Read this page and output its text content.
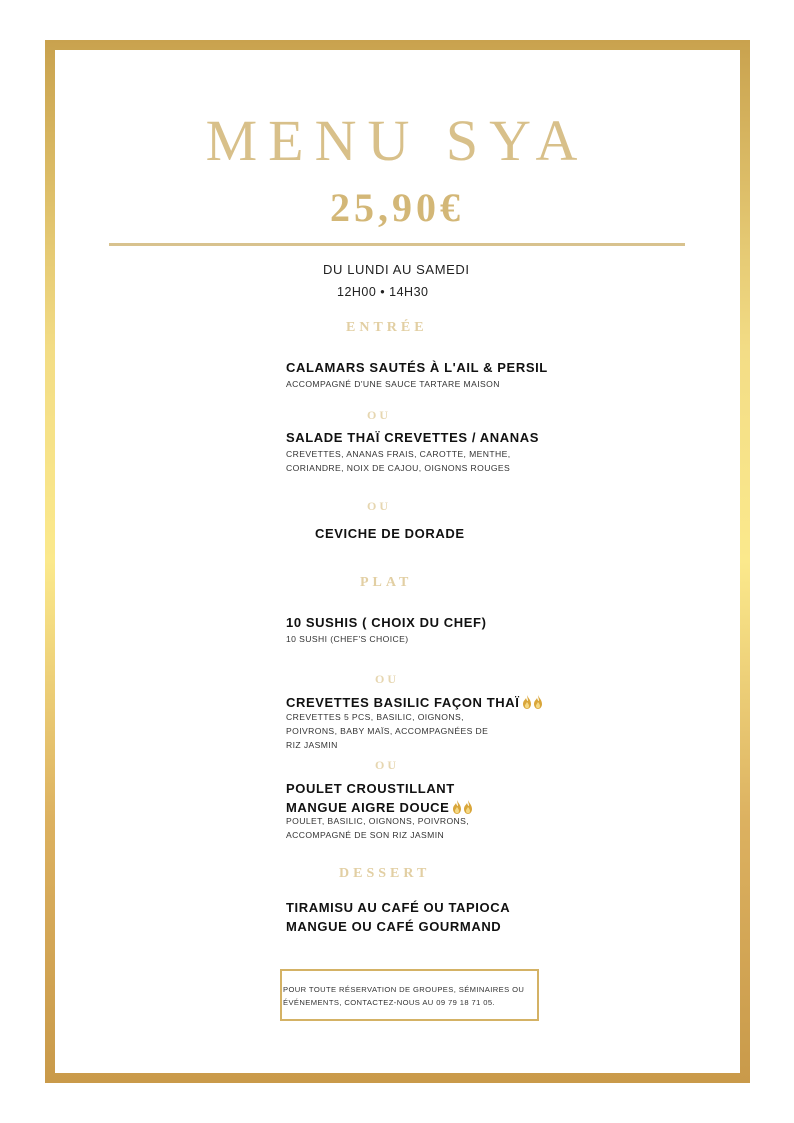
MENU SYA
25,90€
DU LUNDI AU SAMEDI
12H00 • 14H30
ENTRÉE
CALAMARS SAUTÉS À L'AIL & PERSIL
ACCOMPAGNÉ D'UNE SAUCE TARTARE MAISON
OU
SALADE THAÏ CREVETTES / ANANAS
CREVETTES, ANANAS FRAIS, CAROTTE, MENTHE,
CORIANDRE, NOIX DE CAJOU, OIGNONS ROUGES
OU
CEVICHE DE DORADE
PLAT
10 SUSHIS ( CHOIX DU CHEF)
10 SUSHI (CHEF'S CHOICE)
OU
CREVETTES BASILIC FAÇON THAÏ
CREVETTES 5 PCS, BASILIC, OIGNONS,
POIVRONS, BABY MAÏS, ACCOMPAGNÉES DE
RIZ JASMIN
OU
POULET CROUSTILLANT
MANGUE AIGRE DOUCE
POULET, BASILIC, OIGNONS, POIVRONS,
ACCOMPAGNÉ DE SON RIZ JASMIN
DESSERT
TIRAMISU AU CAFÉ OU TAPIOCA
MANGUE OU CAFÉ GOURMAND
POUR TOUTE RÉSERVATION DE GROUPES, SÉMINAIRES OU
ÉVÉNEMENTS, CONTACTEZ-NOUS AU 09 79 18 71 05.
